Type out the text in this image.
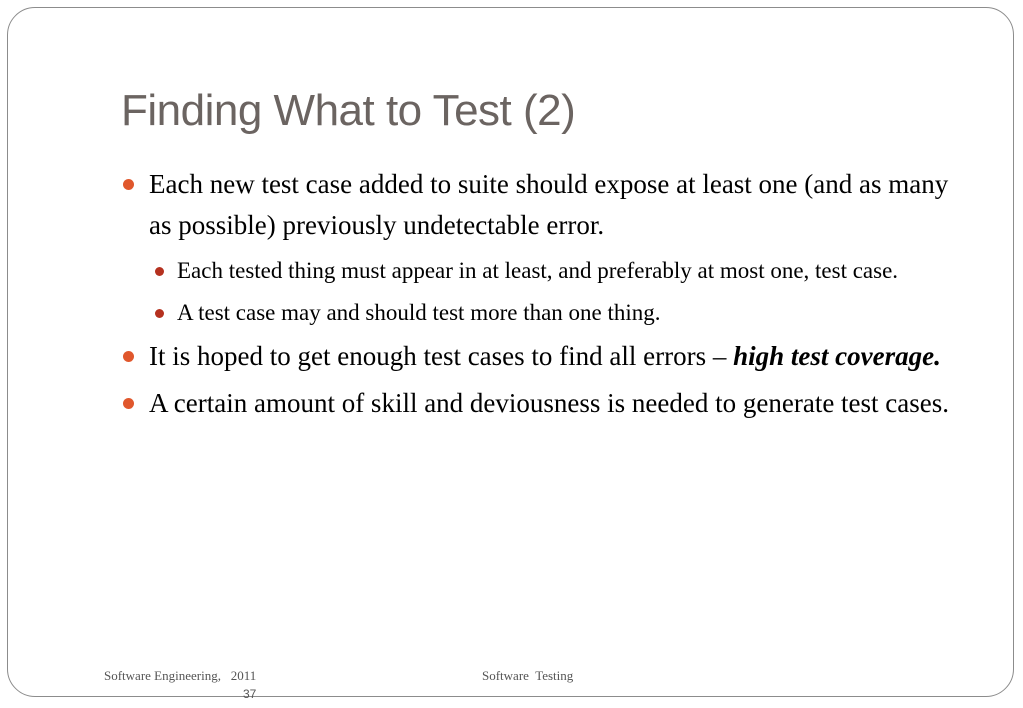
Finding What to Test (2)

Each new test case added to suite should expose at least one (and as many as possible) previously undetectable error.

Each tested thing must appear in at least, and preferably at most one, test case.

A test case may and should test more than one thing.

It is hoped to get enough test cases to find all errors – high test coverage.

A certain amount of skill and deviousness is needed to generate test cases.

Software Engineering,   2011	Software  Testing
37
